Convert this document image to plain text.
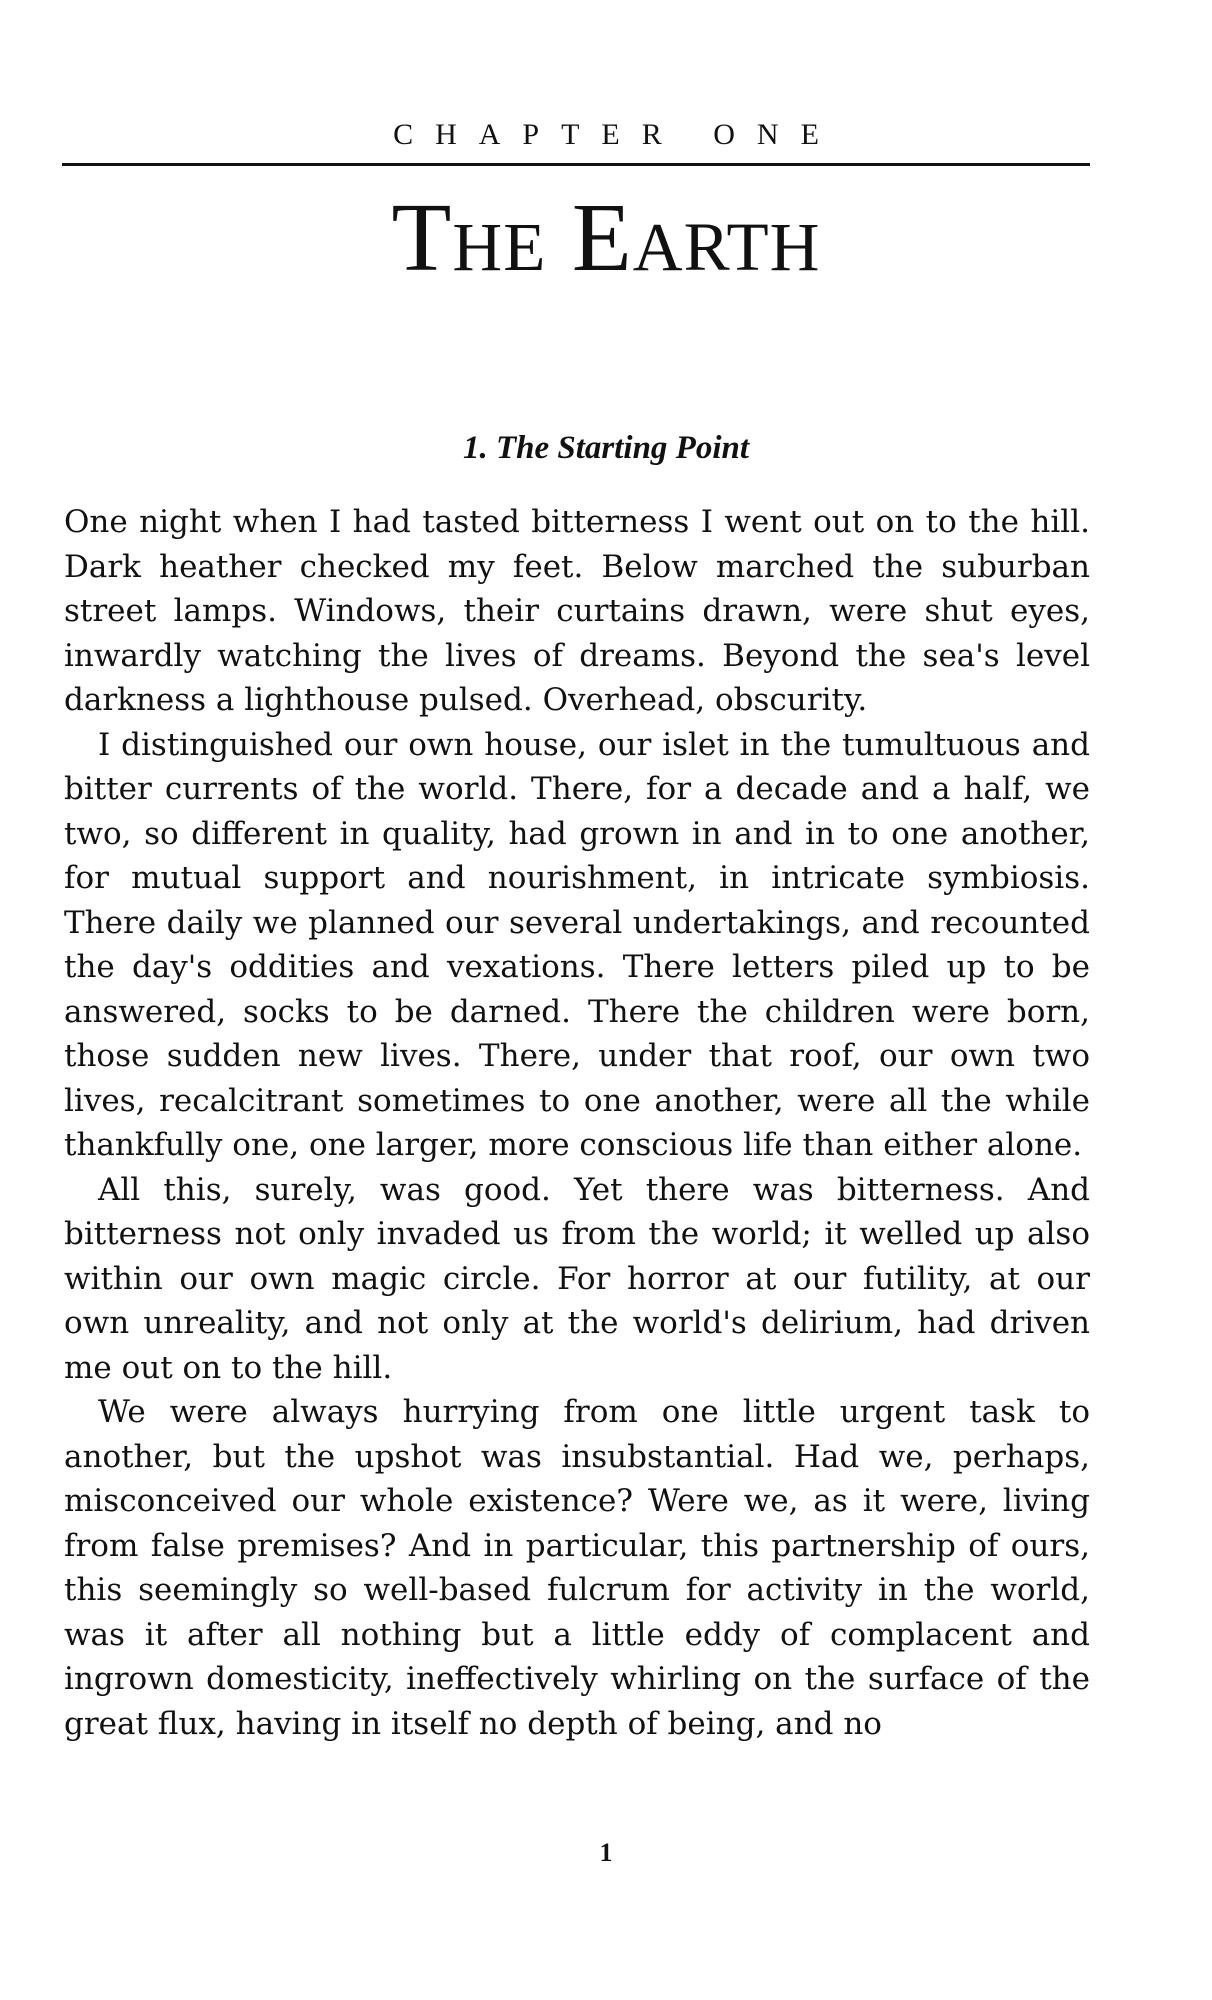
CHAPTER ONE
The Earth
1. The Starting Point

One night when I had tasted bitterness I went out on to the hill. Dark heather checked my feet. Below marched the suburban street lamps. Windows, their curtains drawn, were shut eyes, inwardly watching the lives of dreams. Beyond the sea's level darkness a lighthouse pulsed. Overhead, obscurity.

I distinguished our own house, our islet in the tumultuous and bitter currents of the world. There, for a decade and a half, we two, so different in quality, had grown in and in to one another, for mutual support and nourishment, in intricate symbiosis. There daily we planned our several undertakings, and recounted the day's oddities and vexations. There letters piled up to be answered, socks to be darned. There the children were born, those sudden new lives. There, under that roof, our own two lives, recalcitrant sometimes to one another, were all the while thankfully one, one larger, more conscious life than either alone.

All this, surely, was good. Yet there was bitterness. And bitterness not only invaded us from the world; it welled up also within our own magic circle. For horror at our futility, at our own unreality, and not only at the world's delirium, had driven me out on to the hill.

We were always hurrying from one little urgent task to another, but the upshot was insubstantial. Had we, perhaps, misconceived our whole existence? Were we, as it were, living from false premises? And in particular, this partnership of ours, this seemingly so well-based fulcrum for activity in the world, was it after all nothing but a little eddy of complacent and ingrown domesticity, ineffectively whirling on the surface of the great flux, having in itself no depth of being, and no

1
